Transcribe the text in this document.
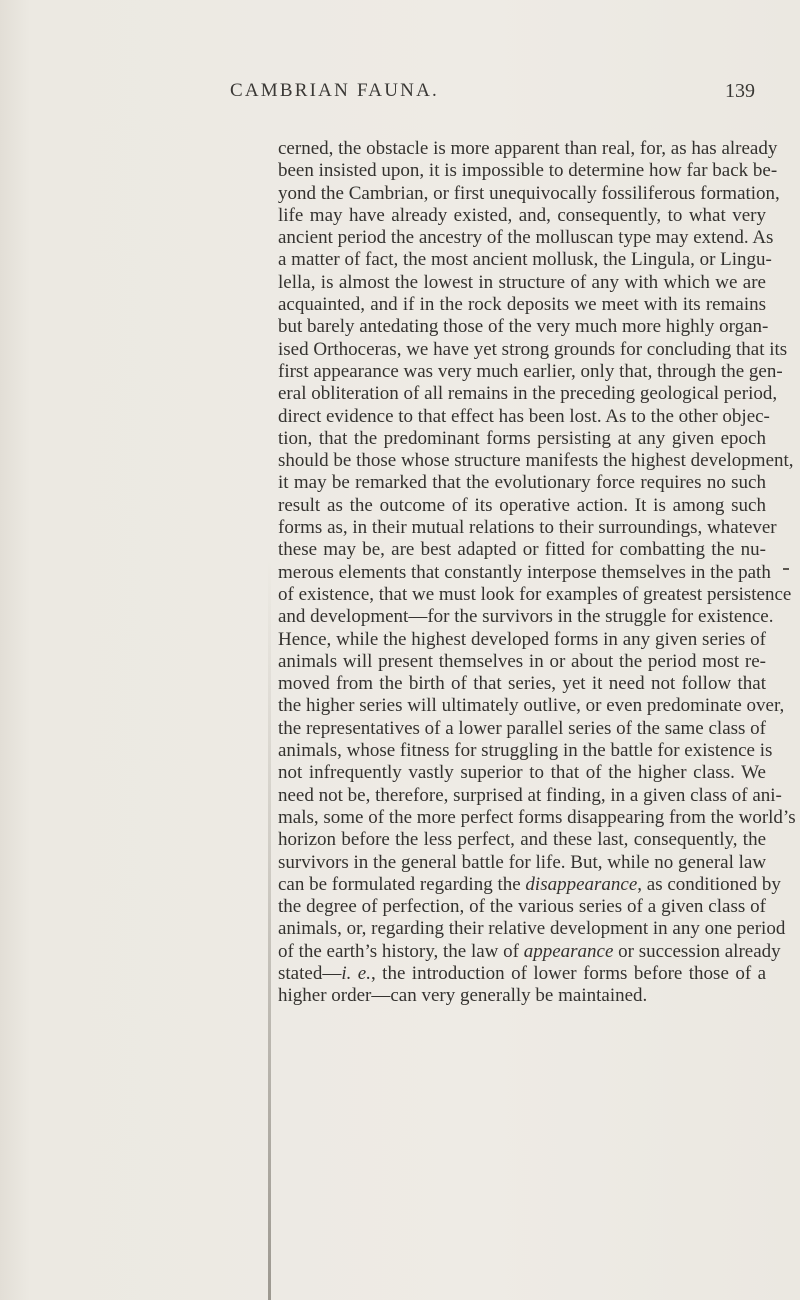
CAMBRIAN FAUNA.	139
cerned, the obstacle is more apparent than real, for, as has already
been insisted upon, it is impossible to determine how far back be-
yond the Cambrian, or first unequivocally fossiliferous formation,
life may have already existed, and, consequently, to what very
ancient period the ancestry of the molluscan type may extend. As
a matter of fact, the most ancient mollusk, the Lingula, or Lingu-
lella, is almost the lowest in structure of any with which we are
acquainted, and if in the rock deposits we meet with its remains
but barely antedating those of the very much more highly organ-
ised Orthoceras, we have yet strong grounds for concluding that its
first appearance was very much earlier, only that, through the gen-
eral obliteration of all remains in the preceding geological period,
direct evidence to that effect has been lost. As to the other objec-
tion, that the predominant forms persisting at any given epoch
should be those whose structure manifests the highest development,
it may be remarked that the evolutionary force requires no such
result as the outcome of its operative action. It is among such
forms as, in their mutual relations to their surroundings, whatever
these may be, are best adapted or fitted for combatting the nu-
merous elements that constantly interpose themselves in the path
of existence, that we must look for examples of greatest persistence
and development—for the survivors in the struggle for existence.
Hence, while the highest developed forms in any given series of
animals will present themselves in or about the period most re-
moved from the birth of that series, yet it need not follow that
the higher series will ultimately outlive, or even predominate over,
the representatives of a lower parallel series of the same class of
animals, whose fitness for struggling in the battle for existence is
not infrequently vastly superior to that of the higher class. We
need not be, therefore, surprised at finding, in a given class of ani-
mals, some of the more perfect forms disappearing from the world’s
horizon before the less perfect, and these last, consequently, the
survivors in the general battle for life. But, while no general law
can be formulated regarding the disappearance, as conditioned by
the degree of perfection, of the various series of a given class of
animals, or, regarding their relative development in any one period
of the earth’s history, the law of appearance or succession already
stated—i. e., the introduction of lower forms before those of a
higher order—can very generally be maintained.
